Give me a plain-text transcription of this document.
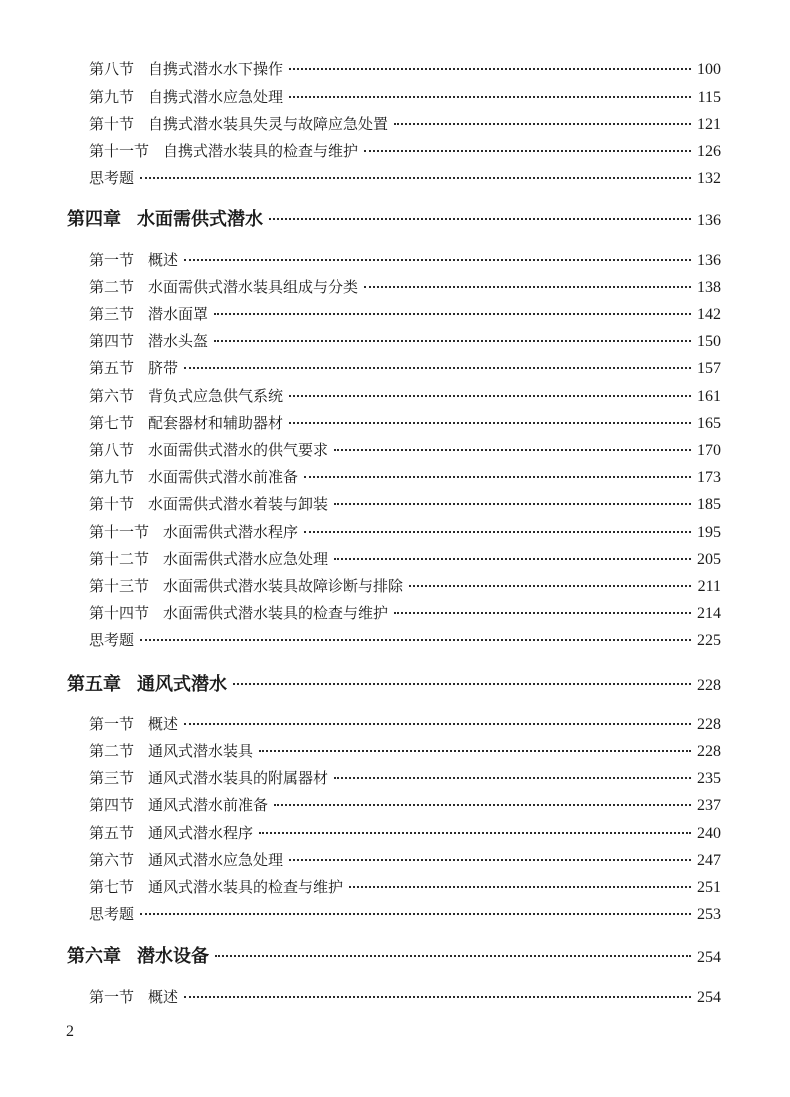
第八节 自携式潜水水下操作	100
第九节 自携式潜水应急处理	115
第十节 自携式潜水装具失灵与故障应急处置	121
第十一节 自携式潜水装具的检查与维护	126
思考题	132
第四章 水面需供式潜水	136
第一节 概述	136
第二节 水面需供式潜水装具组成与分类	138
第三节 潜水面罩	142
第四节 潜水头盔	150
第五节 脐带	157
第六节 背负式应急供气系统	161
第七节 配套器材和辅助器材	165
第八节 水面需供式潜水的供气要求	170
第九节 水面需供式潜水前准备	173
第十节 水面需供式潜水着装与卸装	185
第十一节 水面需供式潜水程序	195
第十二节 水面需供式潜水应急处理	205
第十三节 水面需供式潜水装具故障诊断与排除	211
第十四节 水面需供式潜水装具的检查与维护	214
思考题	225
第五章 通风式潜水	228
第一节 概述	228
第二节 通风式潜水装具	228
第三节 通风式潜水装具的附属器材	235
第四节 通风式潜水前准备	237
第五节 通风式潜水程序	240
第六节 通风式潜水应急处理	247
第七节 通风式潜水装具的检查与维护	251
思考题	253
第六章 潜水设备	254
第一节 概述	254
2
